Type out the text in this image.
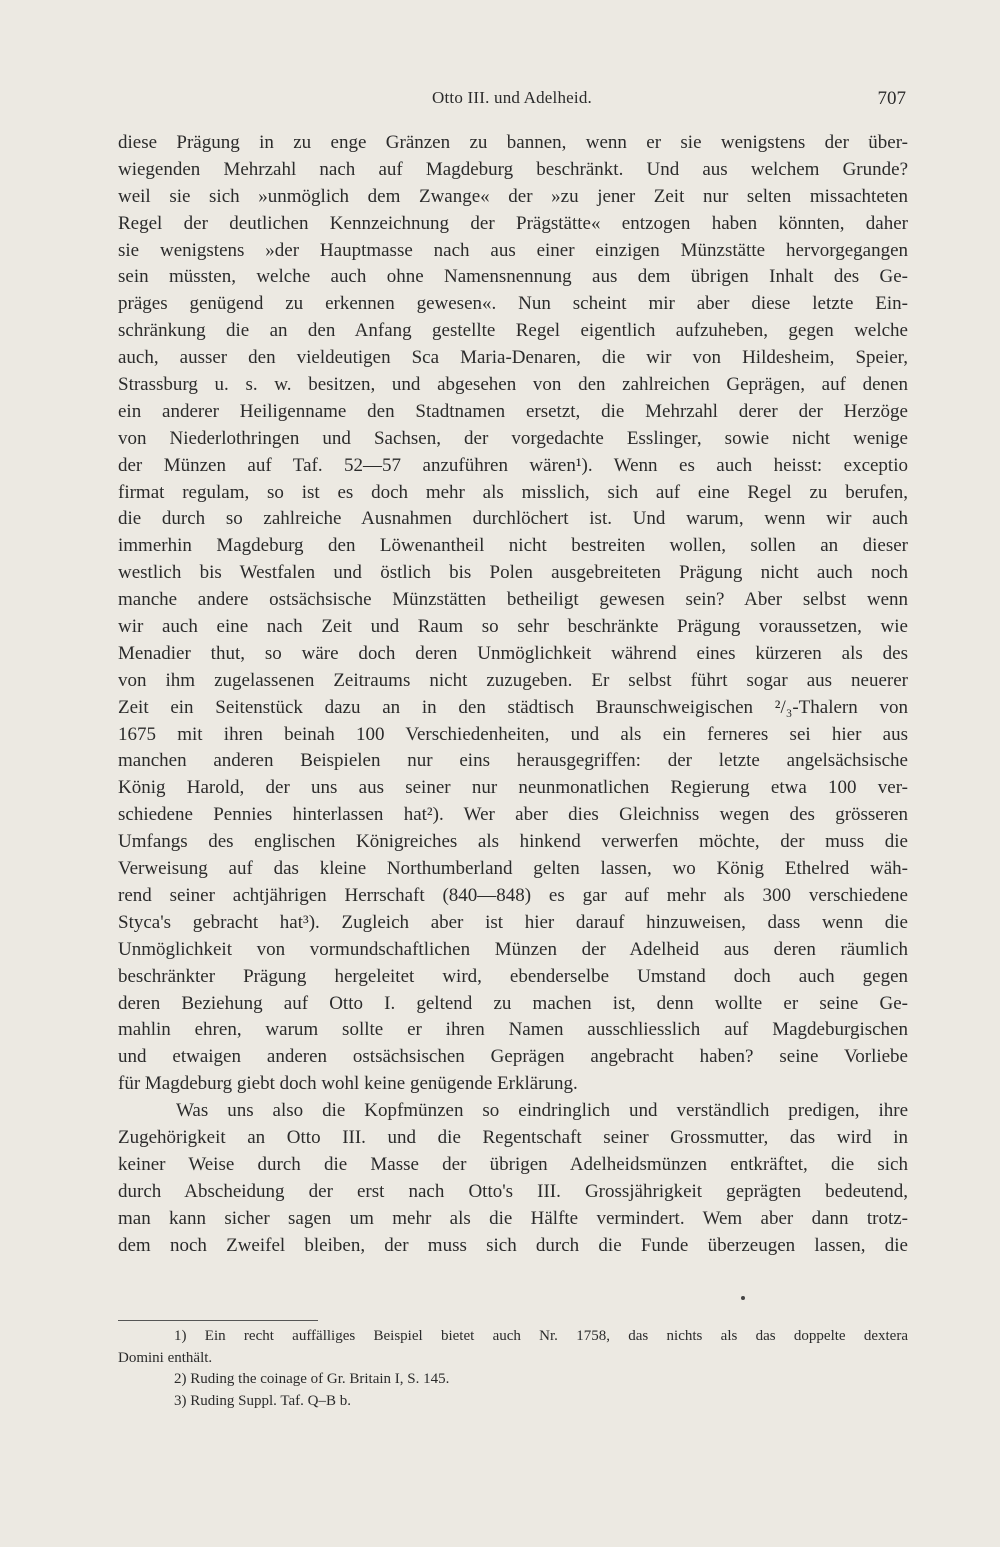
Otto III. und Adelheid.	707
diese Prägung in zu enge Gränzen zu bannen, wenn er sie wenigstens der über-
wiegenden Mehrzahl nach auf Magdeburg beschränkt. Und aus welchem Grunde?
weil sie sich »unmöglich dem Zwange« der »zu jener Zeit nur selten missachteten
Regel der deutlichen Kennzeichnung der Prägstätte« entzogen haben könnten, daher
sie wenigstens »der Hauptmasse nach aus einer einzigen Münzstätte hervorgegangen
sein müssten, welche auch ohne Namensnennung aus dem übrigen Inhalt des Ge-
präges genügend zu erkennen gewesen«. Nun scheint mir aber diese letzte Ein-
schränkung die an den Anfang gestellte Regel eigentlich aufzuheben, gegen welche
auch, ausser den vieldeutigen Sca Maria-Denaren, die wir von Hildesheim, Speier,
Strassburg u. s. w. besitzen, und abgesehen von den zahlreichen Geprägen, auf denen
ein anderer Heiligenname den Stadtnamen ersetzt, die Mehrzahl derer der Herzöge
von Niederlothringen und Sachsen, der vorgedachte Esslinger, sowie nicht wenige
der Münzen auf Taf. 52—57 anzuführen wären¹). Wenn es auch heisst: exceptio
firmat regulam, so ist es doch mehr als misslich, sich auf eine Regel zu berufen,
die durch so zahlreiche Ausnahmen durchlöchert ist. Und warum, wenn wir auch
immerhin Magdeburg den Löwenantheil nicht bestreiten wollen, sollen an dieser
westlich bis Westfalen und östlich bis Polen ausgebreiteten Prägung nicht auch noch
manche andere ostsächsische Münzstätten betheiligt gewesen sein? Aber selbst wenn
wir auch eine nach Zeit und Raum so sehr beschränkte Prägung voraussetzen, wie
Menadier thut, so wäre doch deren Unmöglichkeit während eines kürzeren als des
von ihm zugelassenen Zeitraums nicht zuzugeben. Er selbst führt sogar aus neuerer
Zeit ein Seitenstück dazu an in den städtisch Braunschweigischen ²/₃-Thalern von
1675 mit ihren beinah 100 Verschiedenheiten, und als ein ferneres sei hier aus
manchen anderen Beispielen nur eins herausgegriffen: der letzte angelsächsische
König Harold, der uns aus seiner nur neunmonatlichen Regierung etwa 100 ver-
schiedene Pennies hinterlassen hat²). Wer aber dies Gleichniss wegen des grösseren
Umfangs des englischen Königreiches als hinkend verwerfen möchte, der muss die
Verweisung auf das kleine Northumberland gelten lassen, wo König Ethelred wäh-
rend seiner achtjährigen Herrschaft (840—848) es gar auf mehr als 300 verschiedene
Styca's gebracht hat³). Zugleich aber ist hier darauf hinzuweisen, dass wenn die
Unmöglichkeit von vormundschaftlichen Münzen der Adelheid aus deren räumlich
beschränkter Prägung hergeleitet wird, ebenderselbe Umstand doch auch gegen
deren Beziehung auf Otto I. geltend zu machen ist, denn wollte er seine Ge-
mahlin ehren, warum sollte er ihren Namen ausschliesslich auf Magdeburgischen
und etwaigen anderen ostsächsischen Geprägen angebracht haben? seine Vorliebe
für Magdeburg giebt doch wohl keine genügende Erklärung.
Was uns also die Kopfmünzen so eindringlich und verständlich predigen, ihre
Zugehörigkeit an Otto III. und die Regentschaft seiner Grossmutter, das wird in
keiner Weise durch die Masse der übrigen Adelheidsmünzen entkräftet, die sich
durch Abscheidung der erst nach Otto's III. Grossjährigkeit geprägten bedeutend,
man kann sicher sagen um mehr als die Hälfte vermindert. Wem aber dann trotz-
dem noch Zweifel bleiben, der muss sich durch die Funde überzeugen lassen, die
1) Ein recht auffälliges Beispiel bietet auch Nr. 1758, das nichts als das doppelte dextera
Domini enthält.
2) Ruding the coinage of Gr. Britain I, S. 145.
3) Ruding Suppl. Taf. Q–B b.
